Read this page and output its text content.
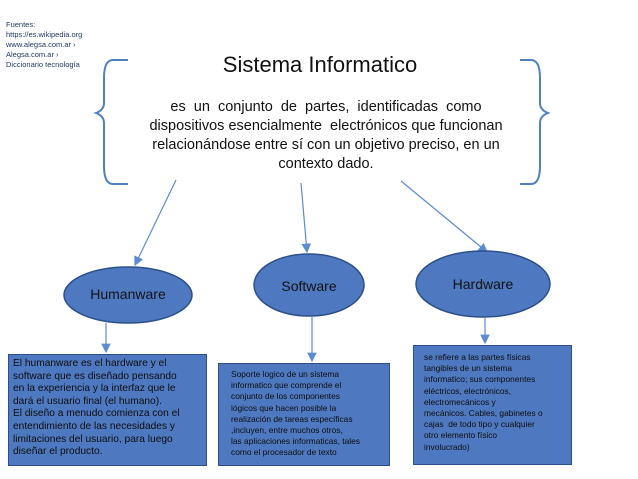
Fuentes:
https://es.wikipedia.org
www.alegsa.com.ar ›
Alegsa.com.ar ›
Diccionario tecnología	Sistema Informatico
es  un  conjunto  de  partes,  identificadas  como
dispositivos esencialmente  electrónicos que funcionan
relacionándose entre sí con un objetivo preciso, en un
contexto dado.
Humanware	Software	Hardware
El humanware es el hardware y el
software que es diseñado pensando
en la experiencia y la interfaz que le
dará el usuario final (el humano).
El diseño a menudo comienza con el
entendimiento de las necesidades y
limitaciones del usuario, para luego
diseñar el producto.
Soporte logico de un sistema
informatico que comprende el
conjunto de los componentes
lógicos que hacen posible la
realización de tareas específicas
,incluyen, entre muchos otros,
las aplicaciones informaticas, tales
como el procesador de texto
se refiere a las partes físicas
tangibles de un sistema
informatico; sus componentes
eléctricos, electrónicos,
electromecánicos y
mecánicos.​ Cables, gabinetes o
cajas  de todo tipo y cualquier
otro elemento físico
involucrado)
